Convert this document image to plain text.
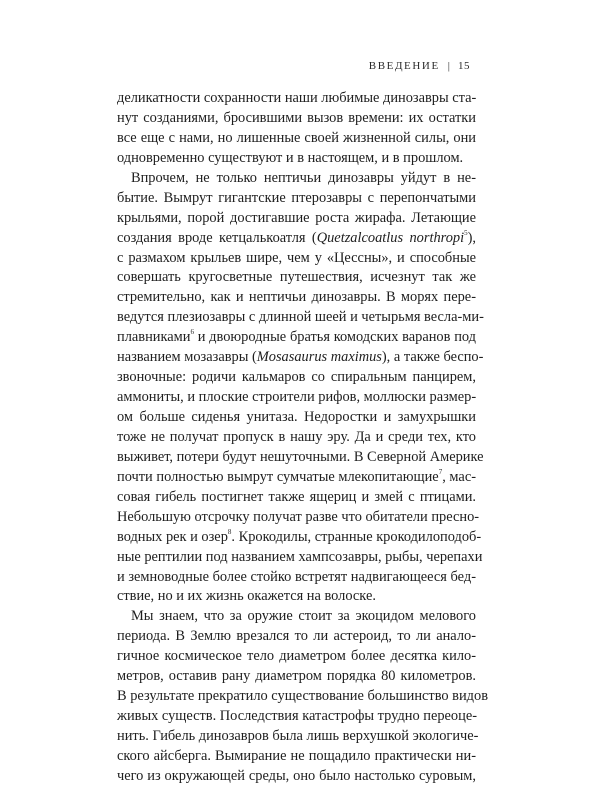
ВВЕДЕНИЕ | 15
деликатности сохранности наши любимые динозавры ста-
нут созданиями, бросившими вызов времени: их остатки
все еще с нами, но лишенные своей жизненной силы, они
одновременно существуют и в настоящем, и в прошлом.
Впрочем, не только нептичьи динозавры уйдут в не-
бытие. Вымрут гигантские птерозавры с перепончатыми
крыльями, порой достигавшие роста жирафа. Летающие
создания вроде кетцалькоатля (Quetzalcoatlus northropi$^5$),
с размахом крыльев шире, чем у «Цессны», и способные
совершать кругосветные путешествия, исчезнут так же
стремительно, как и нептичьи динозавры. В морях пере-
ведутся плезиозавры с длинной шеей и четырьмя весла-ми-
плавниками$^6$ и двоюродные братья комодских варанов под
названием мозазавры (Mosasaurus maximus), а также беспо-
звоночные: родичи кальмаров со спиральным панцирем,
аммониты, и плоские строители рифов, моллюски размер-
ом больше сиденья унитаза. Недоростки и замухрышки
тоже не получат пропуск в нашу эру. Да и среди тех, кто
выживет, потери будут нешуточными. В Северной Америке
почти полностью вымрут сумчатые млекопитающие$^7$, мас-
совая гибель постигнет также ящериц и змей с птицами.
Небольшую отсрочку получат разве что обитатели пресно-
водных рек и озер$^8$. Крокодилы, странные крокодилоподоб-
ные рептилии под названием хампсозавры, рыбы, черепахи
и земноводные более стойко встретят надвигающееся бед-
ствие, но и их жизнь окажется на волоске.
Мы знаем, что за оружие стоит за экоцидом мелового
периода. В Землю врезался то ли астероид, то ли анало-
гичное космическое тело диаметром более десятка кило-
метров, оставив рану диаметром порядка 80 километров.
В результате прекратило существование большинство видов
живых существ. Последствия катастрофы трудно переоце-
нить. Гибель динозавров была лишь верхушкой экологиче-
ского айсберга. Вымирание не пощадило практически ни-
чего из окружающей среды, оно было настолько суровым,
